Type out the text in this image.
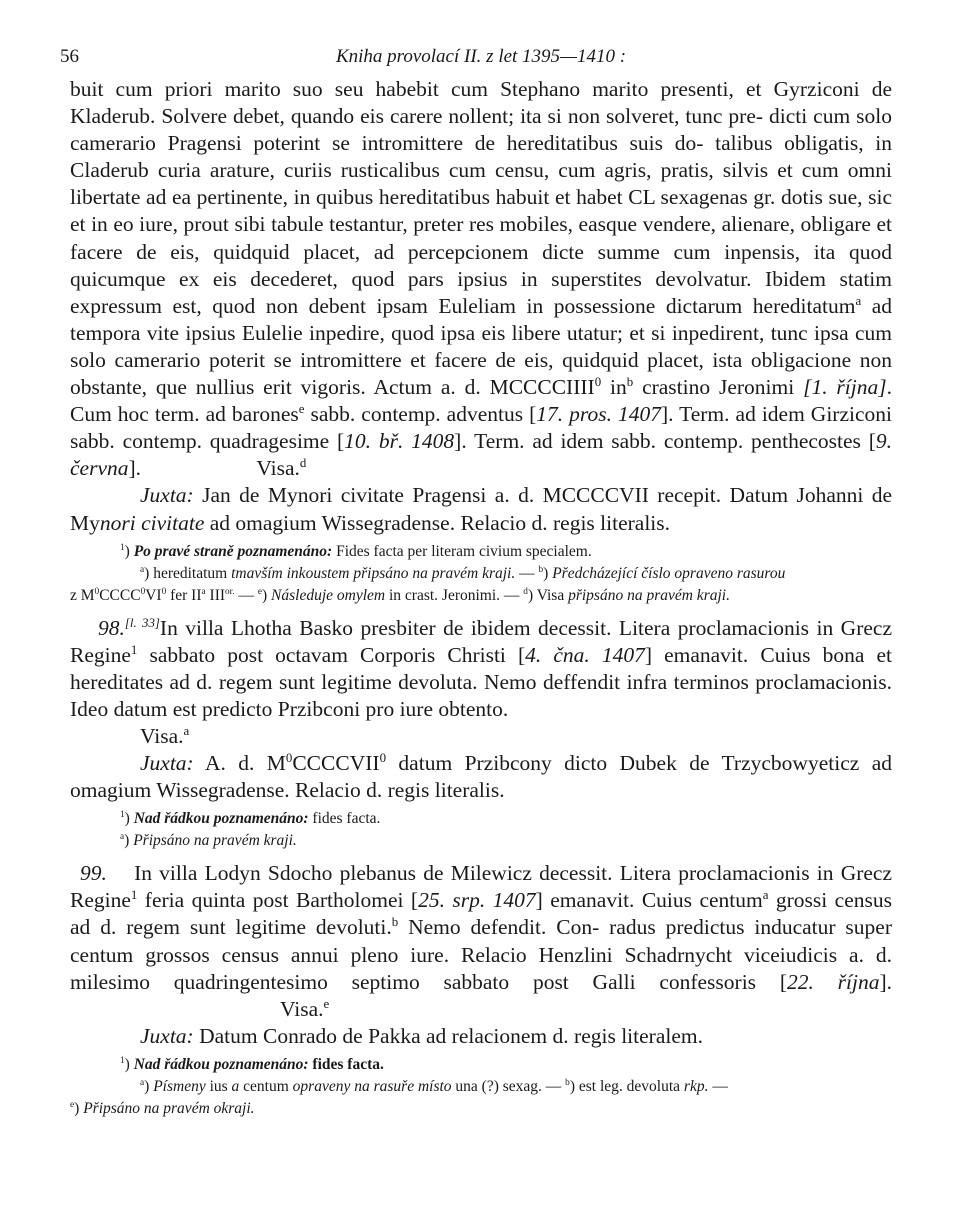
56	Kniha provolací II. z let 1395—1410 :

buit cum priori marito suo seu habebit cum Stephano marito presenti, et Gyrziconi de Kladerub. Solvere debet, quando eis carere nollent; ita si non solveret, tunc pre- dicti cum solo camerario Pragensi poterint se intromittere de hereditatibus suis do- talibus obligatis, in Claderub curia arature, curiis rusticalibus cum censu, cum agris, pratis, silvis et cum omni libertate ad ea pertinente, in quibus hereditatibus habuit et habet CL sexagenas gr. dotis sue, sic et in eo iure, prout sibi tabule testantur, preter res mobiles, easque vendere, alienare, obligare et facere de eis, quidquid placet, ad percepcionem dicte summe cum inpensis, ita quod quicumque ex eis decederet, quod pars ipsius in superstites devolvatur. Ibidem statim expressum est, quod non debent ipsam Euleliam in possessione dictarum hereditatum$^a$ ad tempora vite ipsius Eulelie inpedire, quod ipsa eis libere utatur; et si inpedirent, tunc ipsa cum solo camerario poterit se intromittere et facere de eis, quidquid placet, ista obligacione non obstante, que nullius erit vigoris. Actum a. d. MCCCCIIII$^0$ $in^b$ crastino Jeronimi [1. října]. Cum hoc term. ad barones$^e$ sabb. contemp. adventus [17. pros. 1407]. Term. ad idem Girziconi sabb. contemp. quadragesime [10. bř. 1408]. Term. ad idem sabb. contemp. penthecostes [9. června].	Visa.$^d$

Juxta: Jan de Mynori civitate Pragensi a. d. MCCCCVII recepit. Datum Johanni de Mynori civitate ad omagium Wissegradense. Relacio d. regis literalis.

$^1$) Po pravé straně poznamenáno: Fides facta per literam civium specialem.

$^a$) hereditatum tmavším inkoustem připsáno na pravém kraji. — $^b$) Předcházející číslo opraveno rasurou

z $M^0CCCC^0VI^0$ fer $II^a$ $III^{or.}$ — $^e$) Následuje omylem in crast. Jeronimi. — $^d$) Visa připsáno na pravém kraji.

98.[l. 33]In villa Lhotha Basko presbiter de ibidem decessit. Litera proclamacionis in Grecz Regine$^1$ sabbato post octavam Corporis Christi [4. čna. 1407] emanavit. Cuius bona et hereditates ad d. regem sunt legitime devoluta. Nemo deffendit infra terminos proclamacionis. Ideo datum est predicto Przibconi pro iure obtento.

Visa.$^a$

Juxta: A. d. $M^0CCCCVII^0$ datum Przibcony dicto Dubek de Trzycbowyeticz ad omagium Wissegradense. Relacio d. regis literalis.

$^1$) Nad řádkou poznamenáno: fides facta.

$^a$) Připsáno na pravém kraji.

99. In villa Lodyn Sdocho plebanus de Milewicz decessit. Litera proclamacionis in Grecz Regine$^1$ feria quinta post Bartholomei [25. srp. 1407] emanavit. Cuius centum$^a$ grossi census ad d. regem sunt legitime devoluti.$^b$ Nemo defendit. Con- radus predictus inducatur super centum grossos census annui pleno iure. Relacio Henzlini Schadrnycht viceiudicis a. d. milesimo quadringentesimo septimo sabbato post Galli confessoris [22. října]. Visa.$^e$

Juxta: Datum Conrado de Pakka ad relacionem d. regis literalem.

$^1$) Nad řádkou poznamenáno: fides facta.

$^a$) Písmeny ius a centum opraveny na rasuře místo una (?) sexag. — $^b$) est leg. devoluta rkp. —

$^e$) Připsáno na pravém okraji.
